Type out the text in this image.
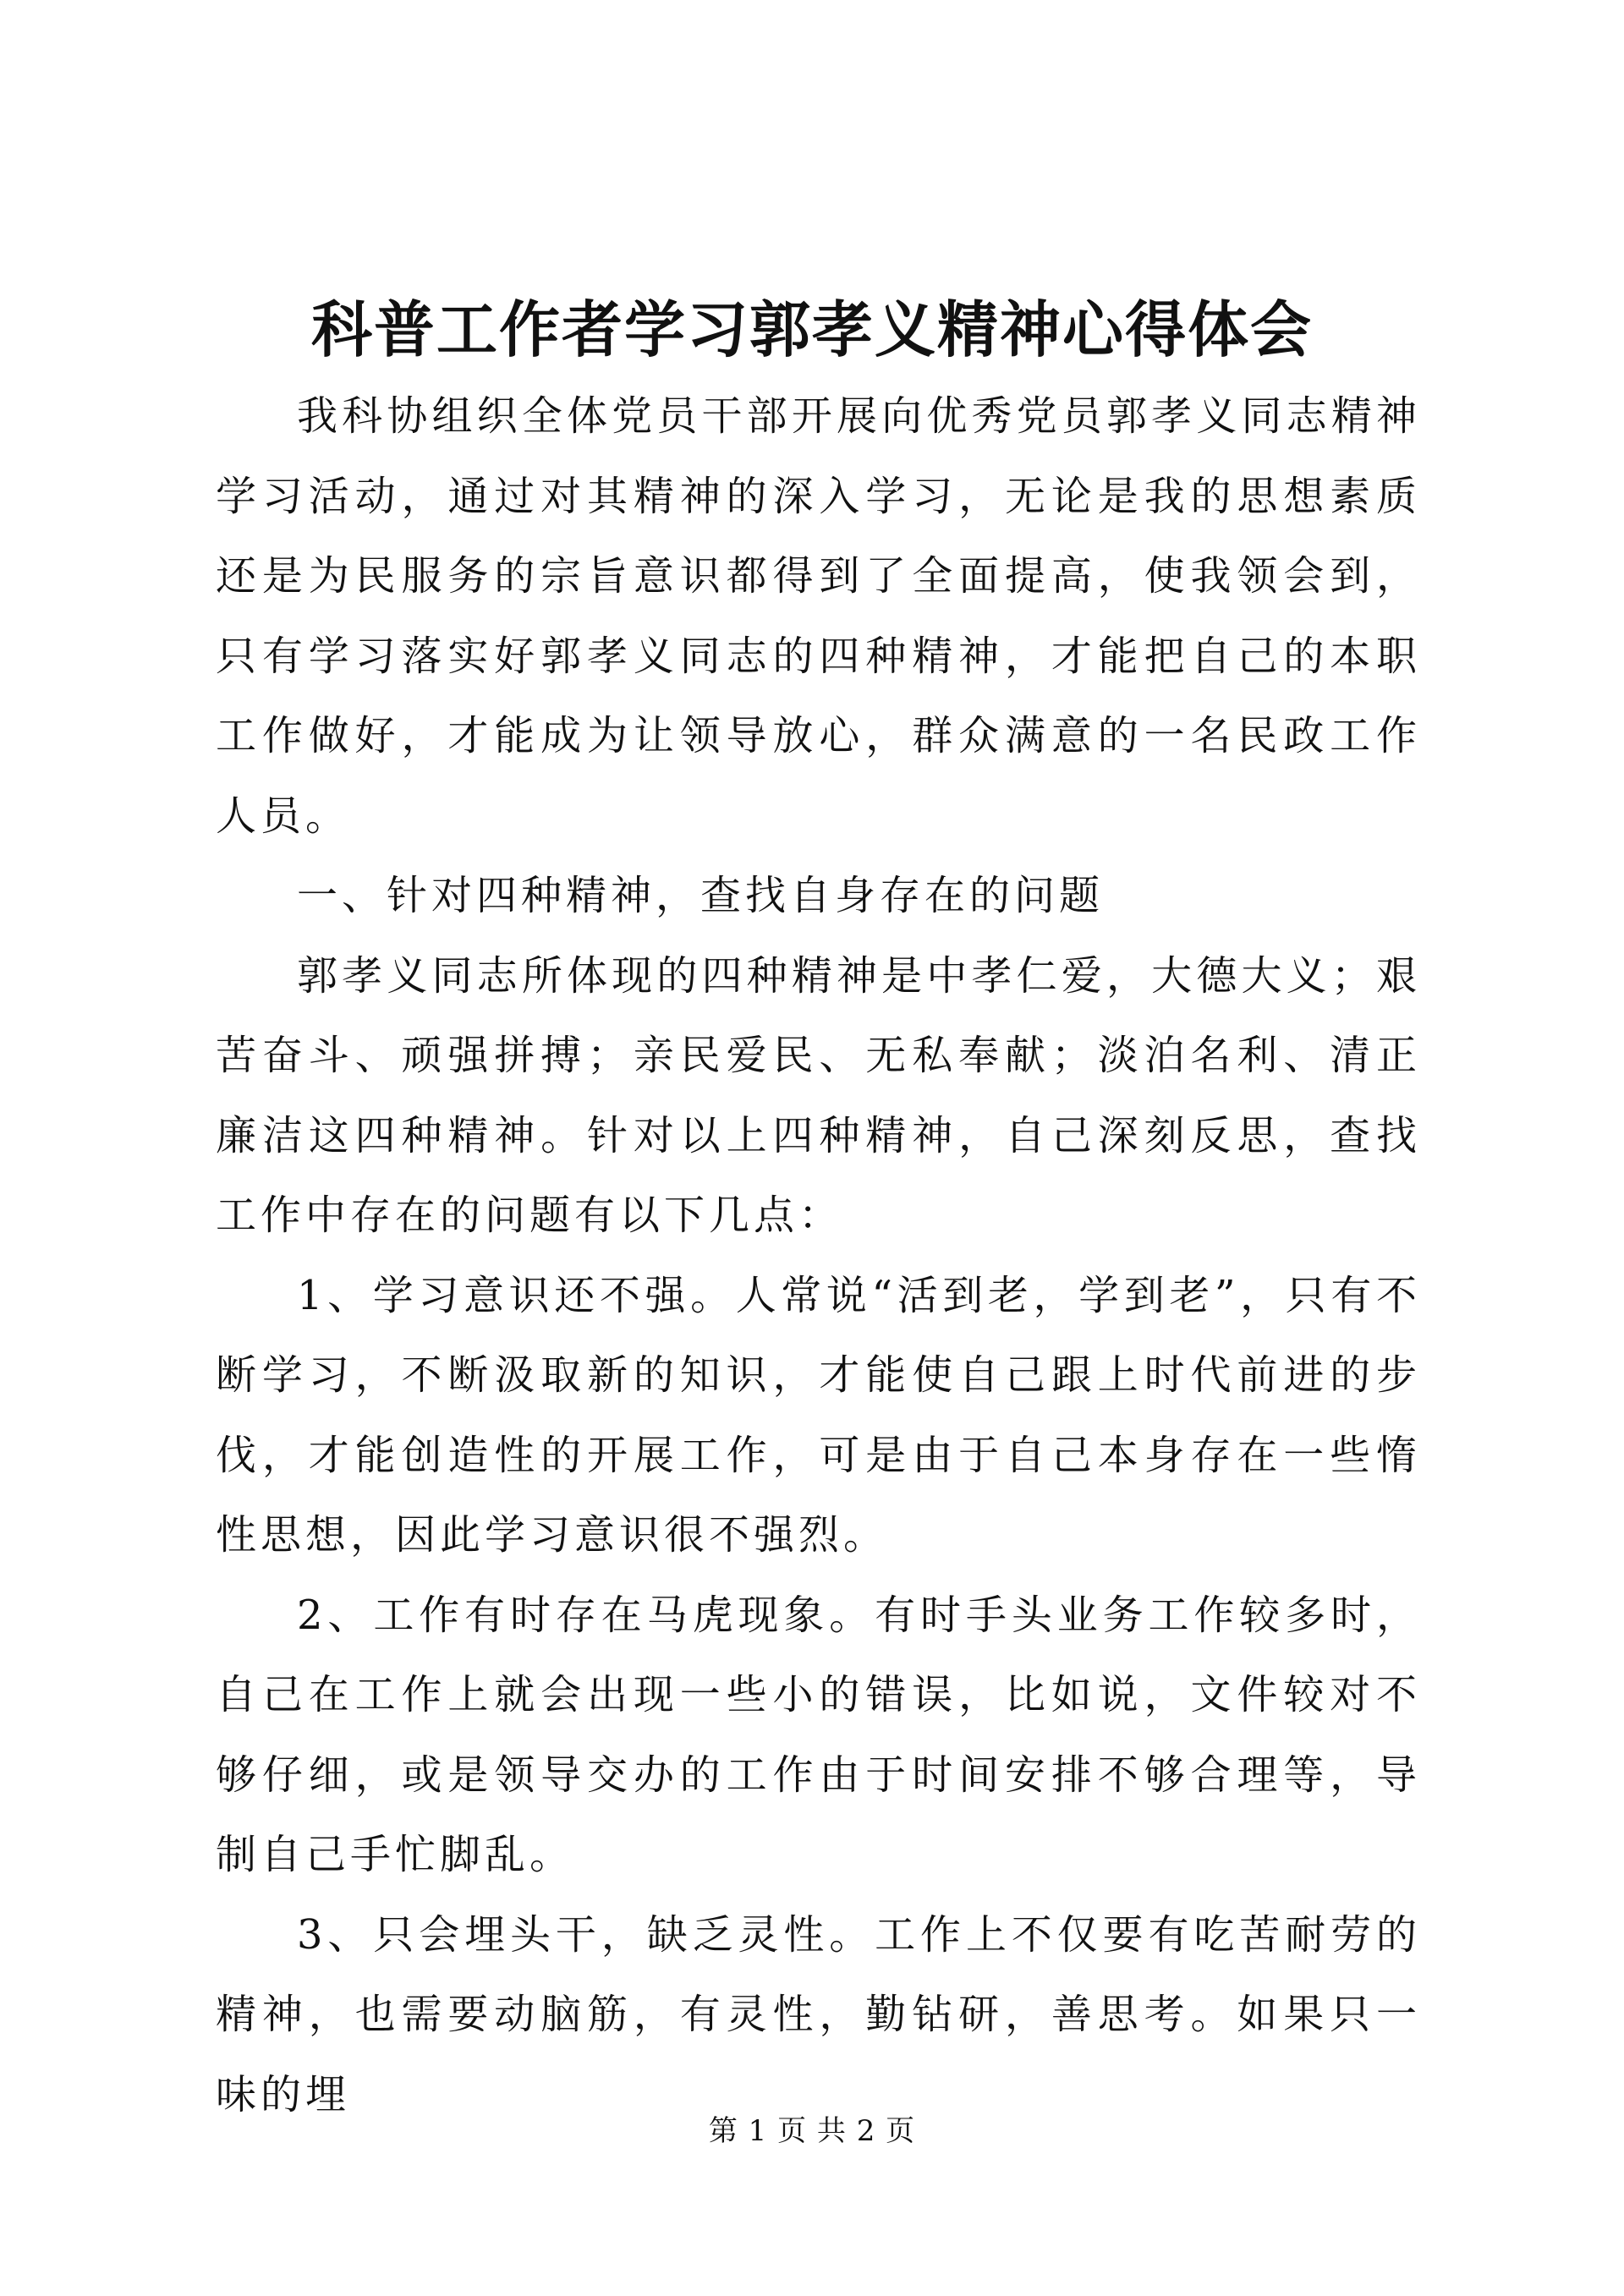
科普工作者学习郭孝义精神心得体会

我科协组织全体党员干部开展向优秀党员郭孝义同志精神学习活动，通过对其精神的深入学习，无论是我的思想素质还是为民服务的宗旨意识都得到了全面提高，使我领会到，只有学习落实好郭孝义同志的四种精神，才能把自己的本职工作做好，才能成为让领导放心，群众满意的一名民政工作人员。

一、针对四种精神，查找自身存在的问题

郭孝义同志所体现的四种精神是中孝仁爱，大德大义；艰苦奋斗、顽强拼搏；亲民爱民、无私奉献；淡泊名利、清正廉洁这四种精神。针对以上四种精神，自己深刻反思，查找工作中存在的问题有以下几点：

1、学习意识还不强。人常说“活到老，学到老”，只有不断学习，不断汲取新的知识，才能使自己跟上时代前进的步伐，才能创造性的开展工作，可是由于自己本身存在一些惰性思想，因此学习意识很不强烈。

2、工作有时存在马虎现象。有时手头业务工作较多时，自己在工作上就会出现一些小的错误，比如说，文件较对不够仔细，或是领导交办的工作由于时间安排不够合理等，导制自己手忙脚乱。

3、只会埋头干，缺乏灵性。工作上不仅要有吃苦耐劳的精神，也需要动脑筋，有灵性，勤钻研，善思考。如果只一味的埋

第 1 页 共 2 页
